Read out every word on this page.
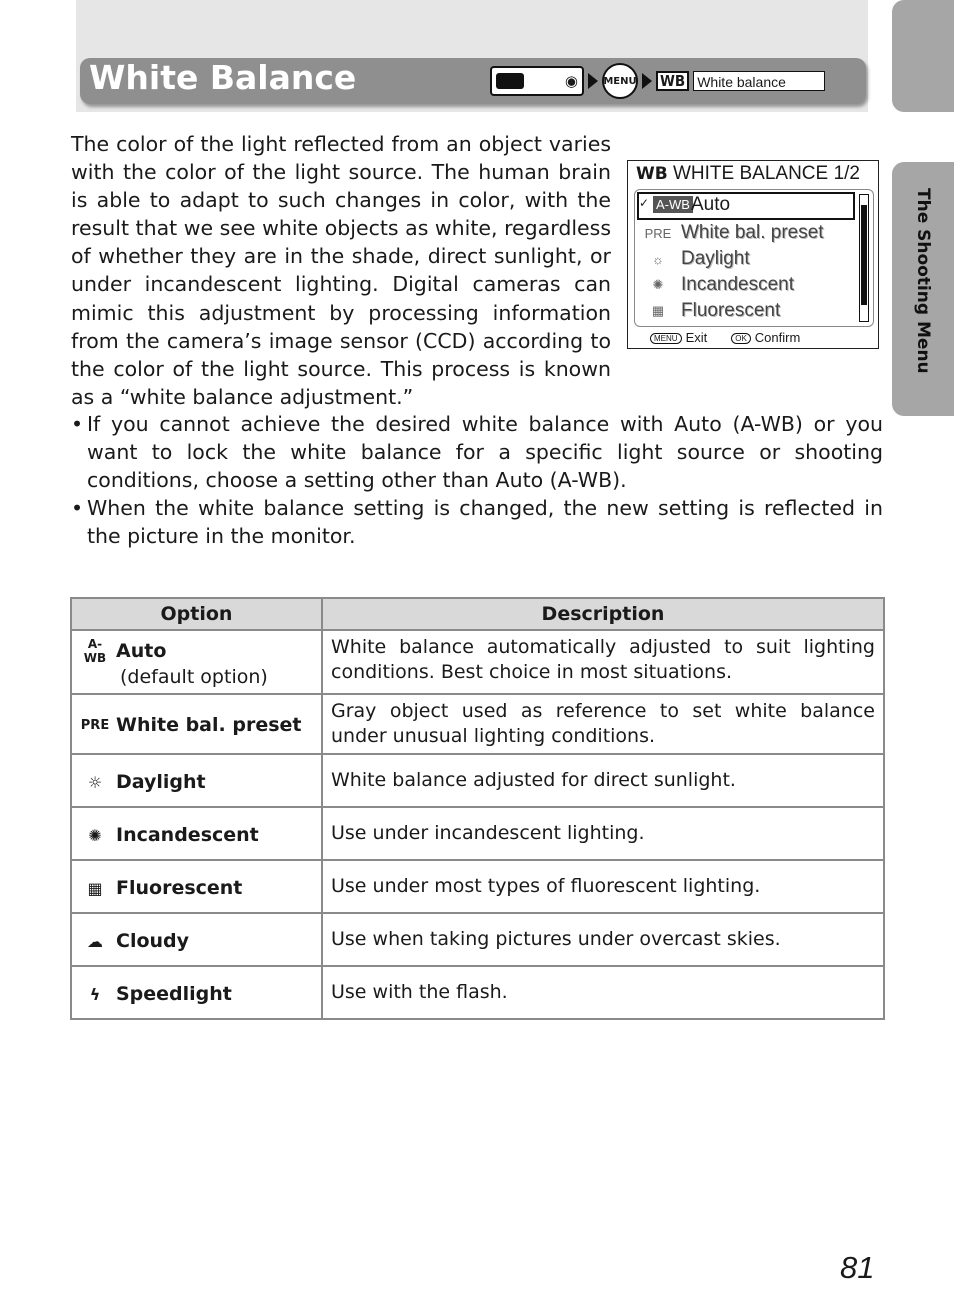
White Balance	◉	MENU WB White balance
The Shooting Menu
The color of the light reflected from an object varies with the color of the light source. The human brain is able to adapt to such changes in color, with the result that we see white objects as white, regardless of whether they are in the shade, direct sunlight, or under incandescent lighting. Digital cameras can mimic this adjustment by processing information from the camera’s image sensor (CCD) according to the color of the light source. This process is known as a “white balance adjustment.”
WB WHITE BALANCE 1/2
✓ A-WB Auto
PRE White bal. preset
☼ Daylight
✺ Incandescent
▦ Fluorescent
MENU Exit	OK Confirm
• If you cannot achieve the desired white balance with Auto (A-WB) or you want to lock the white balance for a specific light source or shooting conditions, choose a setting other than Auto (A-WB).
• When the white balance setting is changed, the new setting is reflected in the picture in the monitor.
Option	Description

A-WB Auto
(default option)	White balance automatically adjusted to suit lighting conditions. Best choice in most situations.

PRE White bal. preset	Gray object used as reference to set white balance under unusual lighting conditions.

☼ Daylight	White balance adjusted for direct sunlight.

✺ Incandescent	Use under incandescent lighting.

▦ Fluorescent	Use under most types of fluorescent lighting.

☁ Cloudy	Use when taking pictures under overcast skies.

ϟ Speedlight	Use with the flash.
81
